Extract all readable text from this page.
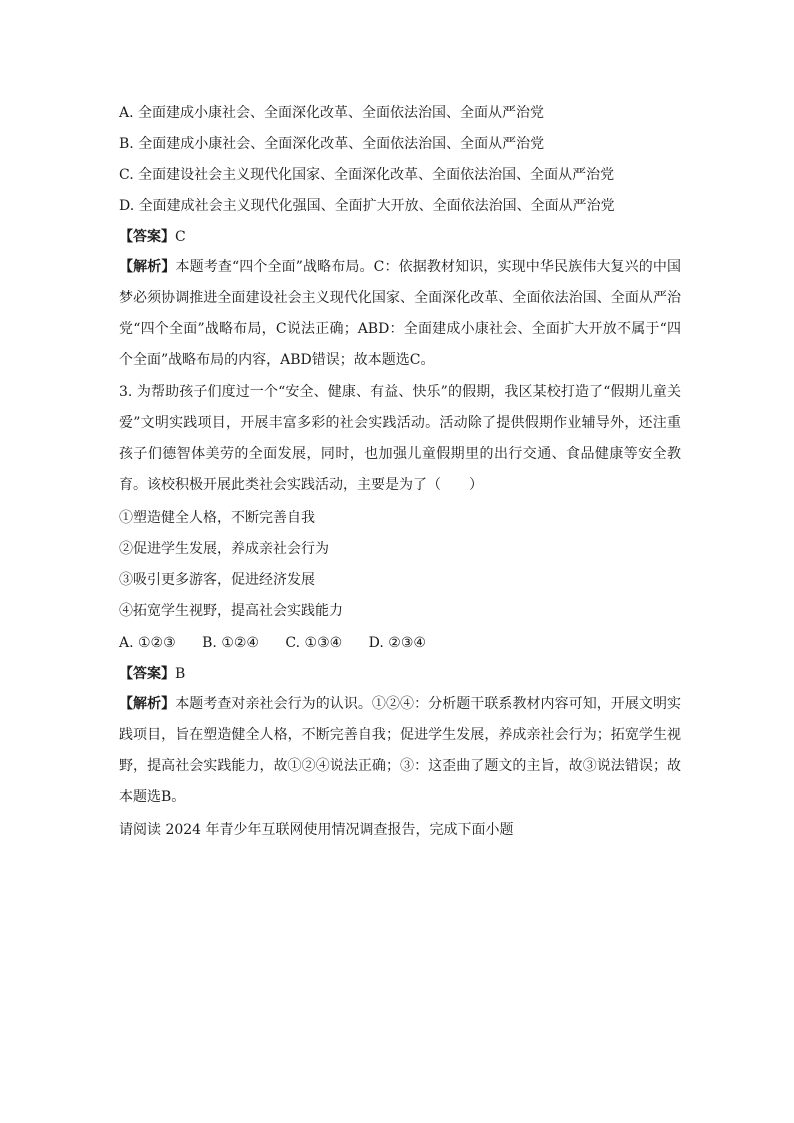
A. 全面建成小康社会、全面深化改革、全面依法治国、全面从严治党
B. 全面建成小康社会、全面深化改革、全面依法治国、全面从严治党
C. 全面建设社会主义现代化国家、全面深化改革、全面依法治国、全面从严治党
D. 全面建成社会主义现代化强国、全面扩大开放、全面依法治国、全面从严治党
【答案】C
【解析】本题考查“四个全面”战略布局。C：依据教材知识，实现中华民族伟大复兴的中国梦必须协调推进全面建设社会主义现代化国家、全面深化改革、全面依法治国、全面从严治党“四个全面”战略布局，C说法正确；ABD：全面建成小康社会、全面扩大开放不属于“四个全面”战略布局的内容，ABD错误；故本题选C。
3. 为帮助孩子们度过一个“安全、健康、有益、快乐”的假期，我区某校打造了“假期儿童关爱”文明实践项目，开展丰富多彩的社会实践活动。活动除了提供假期作业辅导外，还注重孩子们德智体美劳的全面发展，同时，也加强儿童假期里的出行交通、食品健康等安全教育。该校积极开展此类社会实践活动，主要是为了（　　）
①塑造健全人格，不断完善自我
②促进学生发展，养成亲社会行为
③吸引更多游客，促进经济发展
④拓宽学生视野，提高社会实践能力
A. ①②③ B. ①②④ C. ①③④ D. ②③④
【答案】B
【解析】本题考查对亲社会行为的认识。①②④：分析题干联系教材内容可知，开展文明实践项目，旨在塑造健全人格，不断完善自我；促进学生发展，养成亲社会行为；拓宽学生视野，提高社会实践能力，故①②④说法正确；③：这歪曲了题文的主旨，故③说法错误；故本题选B。
请阅读 2024 年青少年互联网使用情况调查报告，完成下面小题
